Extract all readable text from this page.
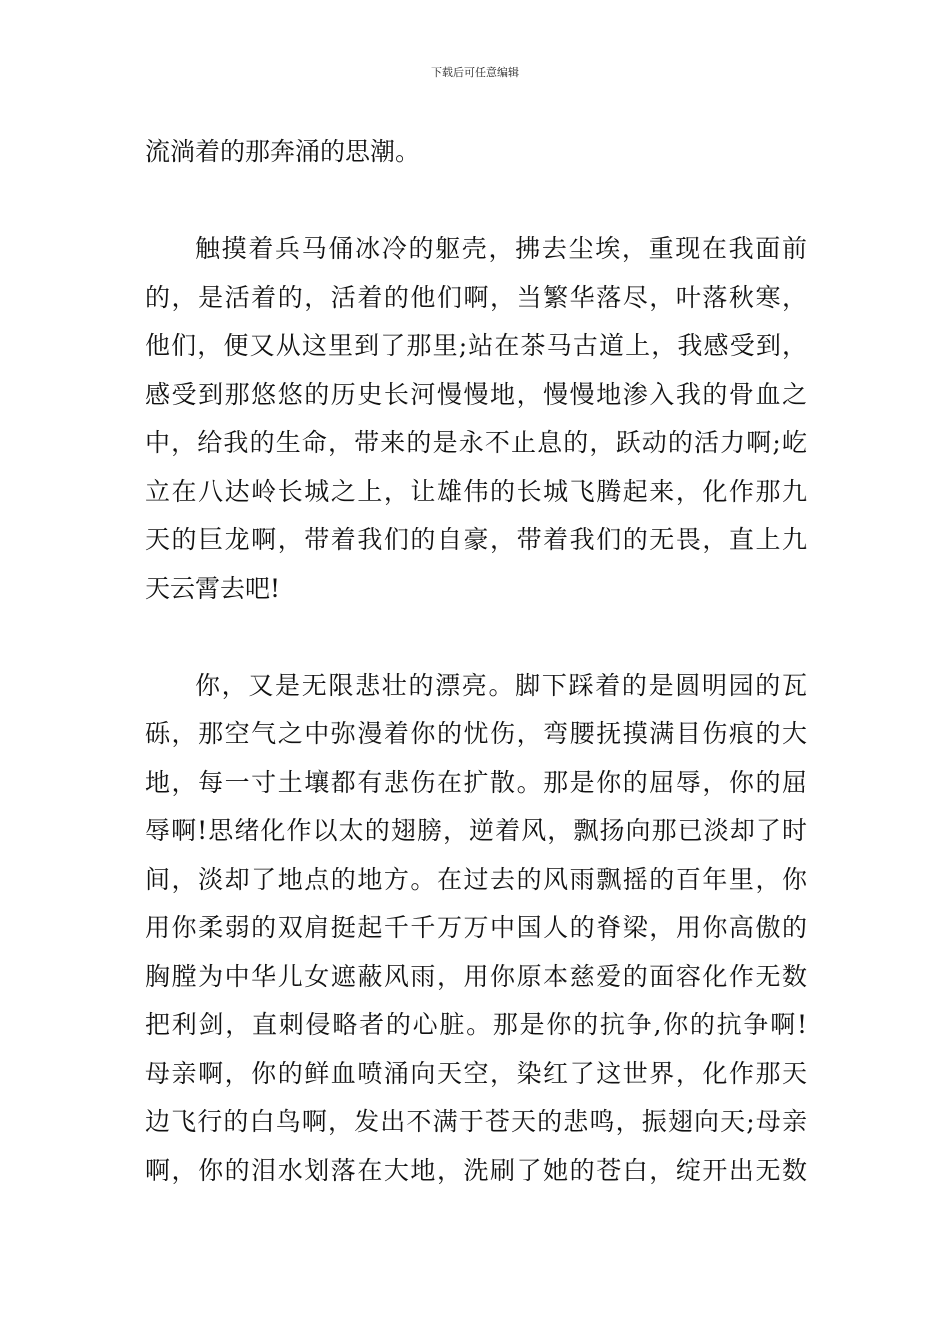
下载后可任意编辑
流淌着的那奔涌的思潮。
触摸着兵马俑冰冷的躯壳，拂去尘埃，重现在我面前
的，是活着的，活着的他们啊，当繁华落尽，叶落秋寒，
他们，便又从这里到了那里;站在茶马古道上，我感受到，
感受到那悠悠的历史长河慢慢地，慢慢地渗入我的骨血之
中，给我的生命，带来的是永不止息的，跃动的活力啊;屹
立在八达岭长城之上，让雄伟的长城飞腾起来，化作那九
天的巨龙啊，带着我们的自豪，带着我们的无畏，直上九
天云霄去吧!
你，又是无限悲壮的漂亮。脚下踩着的是圆明园的瓦
砾，那空气之中弥漫着你的忧伤，弯腰抚摸满目伤痕的大
地，每一寸土壤都有悲伤在扩散。那是你的屈辱，你的屈
辱啊!思绪化作以太的翅膀，逆着风，飘扬向那已淡却了时
间，淡却了地点的地方。在过去的风雨飘摇的百年里，你
用你柔弱的双肩挺起千千万万中国人的脊梁，用你高傲的
胸膛为中华儿女遮蔽风雨，用你原本慈爱的面容化作无数
把利剑，直刺侵略者的心脏。那是你的抗争,你的抗争啊!
母亲啊，你的鲜血喷涌向天空，染红了这世界，化作那天
边飞行的白鸟啊，发出不满于苍天的悲鸣，振翅向天;母亲
啊，你的泪水划落在大地，洗刷了她的苍白，绽开出无数
